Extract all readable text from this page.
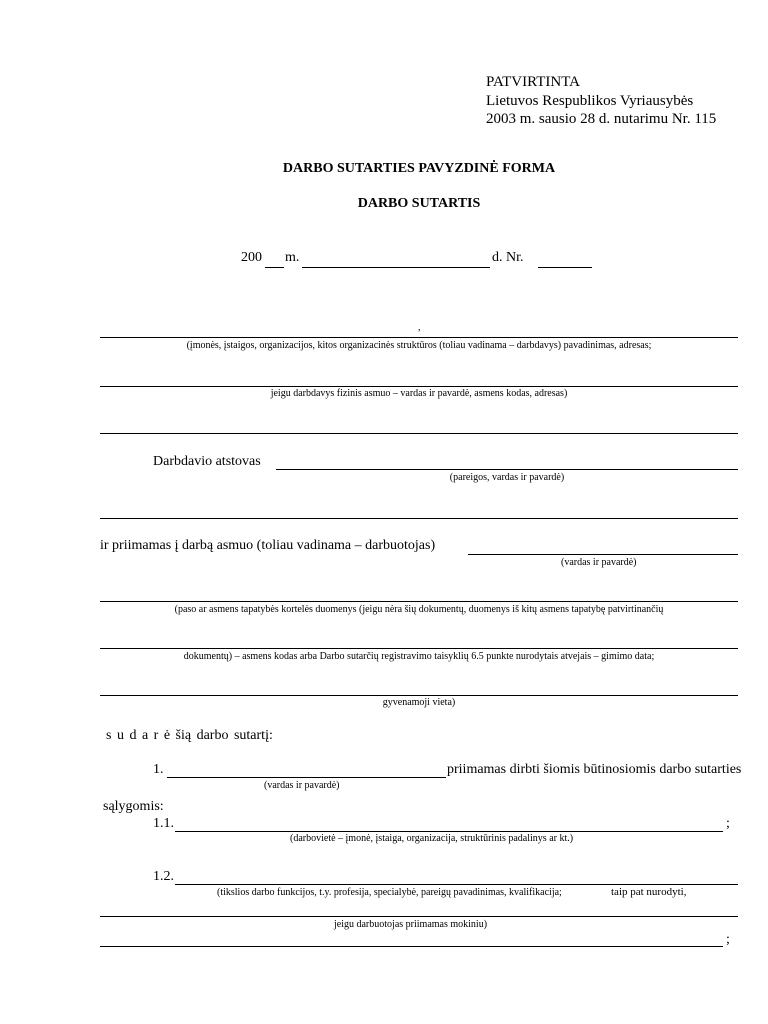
PATVIRTINTA
Lietuvos Respublikos Vyriausybės
2003 m. sausio 28 d. nutarimu Nr. 115
DARBO SUTARTIES PAVYZDINĖ FORMA
DARBO SUTARTIS
200 m.	d. Nr.
,
(įmonės, įstaigos, organizacijos, kitos organizacinės struktūros (toliau vadinama – darbdavys) pavadinimas, adresas;
jeigu darbdavys fizinis asmuo – vardas ir pavardė, asmens kodas, adresas)
Darbdavio atstovas
(pareigos, vardas ir pavardė)
ir priimamas į darbą asmuo (toliau vadinama – darbuotojas)
(vardas ir pavardė)
(paso ar asmens tapatybės kortelės duomenys (jeigu nėra šių dokumentų, duomenys iš kitų asmens tapatybę patvirtinančių
dokumentų) – asmens kodas arba Darbo sutarčių registravimo taisyklių 6.5 punkte nurodytais atvejais – gimimo data;
gyvenamoji vieta)
s u d a r ė šią darbo sutartį:
1.	priimamas dirbti šiomis būtinosiomis darbo sutarties
(vardas ir pavardė)
sąlygomis:
1.1.	;
(darbovietė – įmonė, įstaiga, organizacija, struktūrinis padalinys ar kt.)
1.2.
(tikslios darbo funkcijos, t.y. profesija, specialybė, pareigų pavadinimas, kvalifikacija;	taip pat nurodyti,
jeigu darbuotojas priimamas mokiniu)
;
